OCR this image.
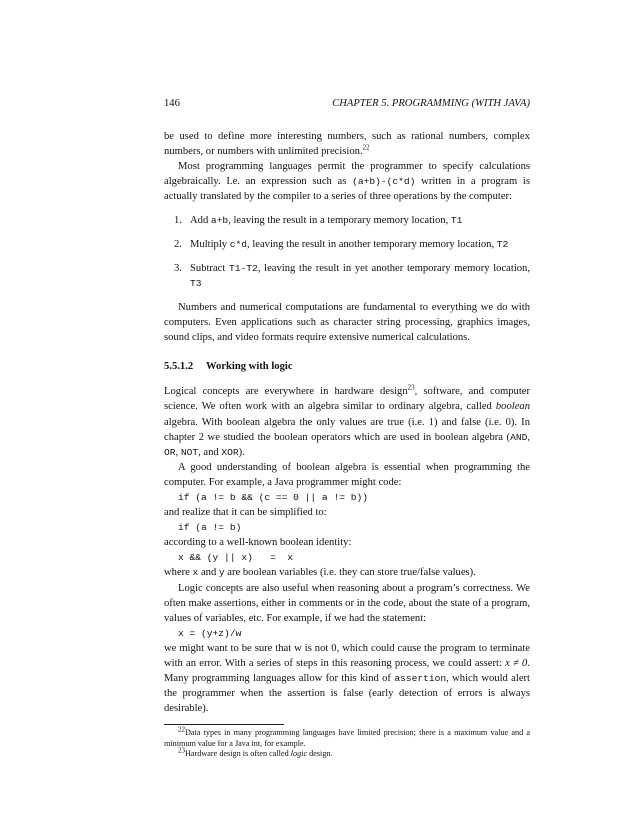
146	CHAPTER 5. PROGRAMMING (WITH JAVA)

be used to define more interesting numbers, such as rational numbers, complex numbers, or numbers with unlimited precision.$^{22}$

Most programming languages permit the programmer to specify calculations algebraically. I.e. an expression such as (a+b)-(c*d) written in a program is actually translated by the compiler to a series of three operations by the computer:

1. Add a+b, leaving the result in a temporary memory location, T1
2. Multiply c*d, leaving the result in another temporary memory location, T2
3. Subtract T1-T2, leaving the result in yet another temporary memory location, T3

Numbers and numerical computations are fundamental to everything we do with computers. Even applications such as character string processing, graphics images, sound clips, and video formats require extensive numerical calculations.

5.5.1.2 Working with logic

Logical concepts are everywhere in hardware design$^{23}$, software, and computer science. We often work with an algebra similar to ordinary algebra, called boolean algebra. With boolean algebra the only values are true (i.e. 1) and false (i.e. 0). In chapter 2 we studied the boolean operators which are used in boolean algebra (AND, OR, NOT, and XOR).

A good understanding of boolean algebra is essential when programming the computer. For example, a Java programmer might code:

if (a != b && (c == 0 || a != b))

and realize that it can be simplified to:

if (a != b)

according to a well-known boolean identity:

x && (y || x)   =  x

where x and y are boolean variables (i.e. they can store true/false values).

Logic concepts are also useful when reasoning about a program’s correctness. We often make assertions, either in comments or in the code, about the state of a program, values of variables, etc. For example, if we had the statement:

x = (y+z)/w

we might want to be sure that w is not 0, which could cause the program to terminate with an error. With a series of steps in this reasoning process, we could assert: x ≠ 0. Many programming languages allow for this kind of assertion, which would alert the programmer when the assertion is false (early detection of errors is always desirable).

$^{22}$Data types in many programming languages have limited precision; there is a maximum value and a minimum value for a Java int, for example.

$^{23}$Hardware design is often called logic design.
